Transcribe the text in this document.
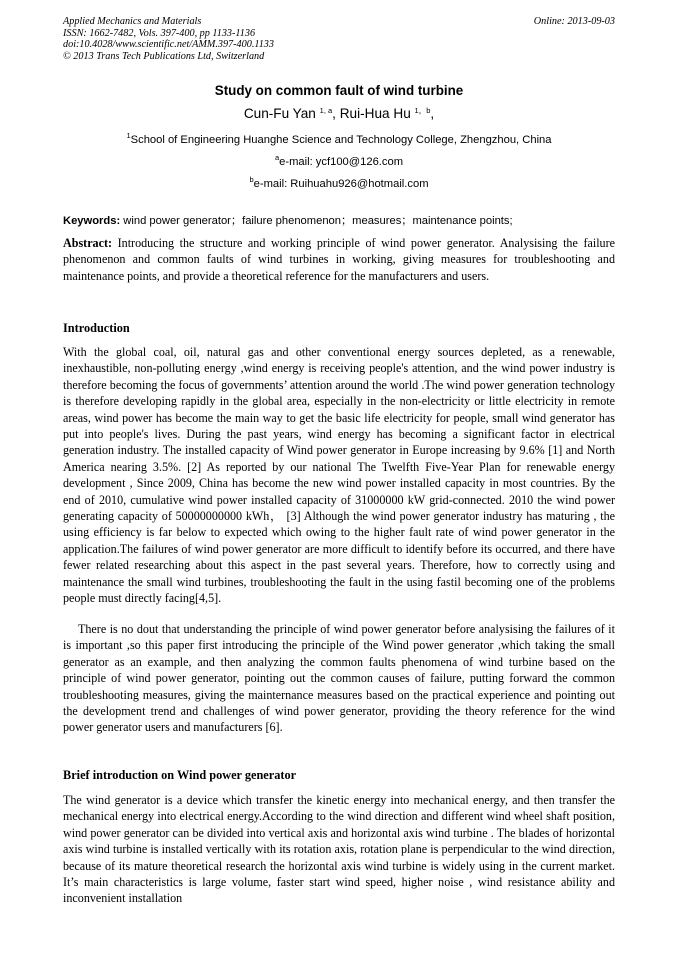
Applied Mechanics and Materials
ISSN: 1662-7482, Vols. 397-400, pp 1133-1136
doi:10.4028/www.scientific.net/AMM.397-400.1133
© 2013 Trans Tech Publications Ltd, Switzerland
Online: 2013-09-03
Study on common fault of wind turbine
Cun-Fu Yan $^{1, a}$, Rui-Hua Hu $^{1,b}$,
$^1$School of Engineering Huanghe Science and Technology College, Zhengzhou, China
$^a$e-mail: ycf100@126.com
$^b$e-mail: Ruihuahu926@hotmail.com
Keywords: wind power generator；failure phenomenon；measures；maintenance points;
Abstract: Introducing the structure and working principle of wind power generator. Analysising the failure phenomenon and common faults of wind turbines in working, giving measures for troubleshooting and maintenance points, and provide a theoretical reference for the manufacturers and users.
Introduction
With the global coal, oil, natural gas and other conventional energy sources depleted, as a renewable, inexhaustible, non-polluting energy ,wind energy is receiving people's attention, and the wind power industry is therefore becoming the focus of governments’ attention around the world .The wind power generation technology is therefore developing rapidly in the global area, especially in the non-electricity or little electricity in remote areas, wind power has become the main way to get the basic life electricity for people, small wind generator has put into people's lives. During the past years, wind energy has becoming a significant factor in electrical generation industry. The installed capacity of Wind power generator in Europe increasing by 9.6% [1] and North America nearing 3.5%. [2] As reported by our national The Twelfth Five-Year Plan for renewable energy development , Since 2009, China has become the new wind power installed capacity in most countries. By the end of 2010, cumulative wind power installed capacity of 31000000 kW grid-connected. 2010 the wind power generating capacity of 50000000000 kWh， [3] Although the wind power generator industry has maturing , the using efficiency is far below to expected which owing to the higher fault rate of wind power generator in the application.The failures of wind power generator are more difficult to identify before its occurred, and there have fewer related researching about this aspect in the past several years. Therefore, how to correctly using and maintenance the small wind turbines, troubleshooting the fault in the using fastil becoming one of the problems people must directly facing[4,5].
There is no dout that understanding the principle of wind power generator before analysising the failures of it is important ,so this paper first introducing the principle of the Wind power generator ,which taking the small generator as an example, and then analyzing the common faults phenomena of wind turbine based on the principle of wind power generator, pointing out the common causes of failure, putting forward the common troubleshooting measures, giving the mainternance measures based on the practical experience and pointing out the development trend and challenges of wind power generator, providing the theory reference for the wind power generator users and manufacturers [6].
Brief introduction on Wind power generator
The wind generator is a device which transfer the kinetic energy into mechanical energy, and then transfer the mechanical energy into electrical energy.According to the wind direction and different wind wheel shaft position, wind power generator can be divided into vertical axis and horizontal axis wind turbine . The blades of horizontal axis wind turbine is installed vertically with its rotation axis, rotation plane is perpendicular to the wind direction, because of its mature theoretical research the horizontal axis wind turbine is widely using in the current market. It’s main characteristics is large volume, faster start wind speed, higher noise , wind resistance ability and inconvenient installation
